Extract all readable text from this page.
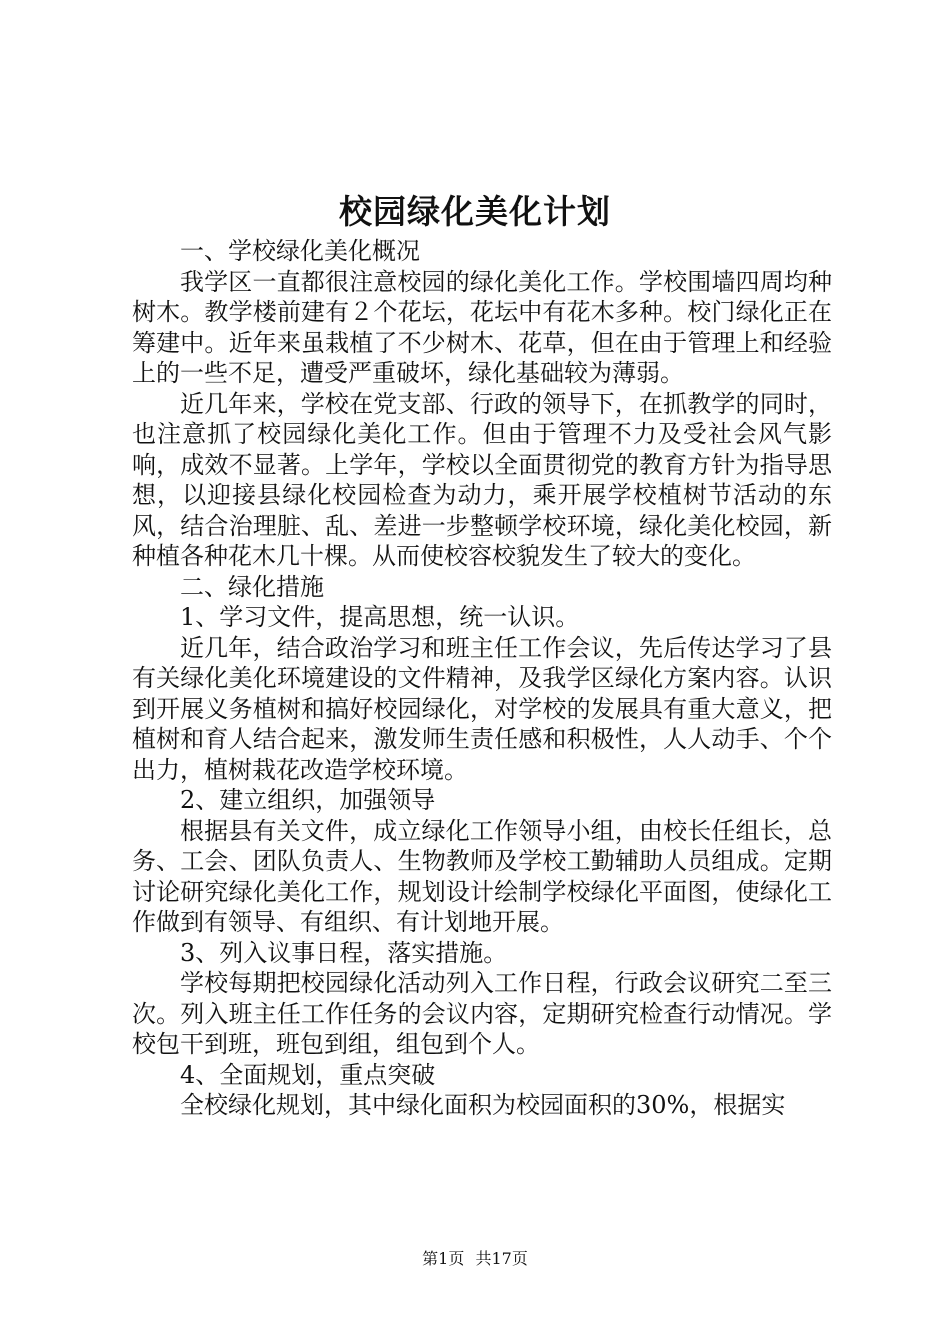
校园绿化美化计划

一、学校绿化美化概况

我学区一直都很注意校园的绿化美化工作。学校围墙四周均种树木。教学楼前建有２个花坛，花坛中有花木多种。校门绿化正在筹建中。近年来虽栽植了不少树木、花草，但在由于管理上和经验上的一些不足，遭受严重破坏，绿化基础较为薄弱。

近几年来，学校在党支部、行政的领导下，在抓教学的同时，也注意抓了校园绿化美化工作。但由于管理不力及受社会风气影响，成效不显著。上学年，学校以全面贯彻党的教育方针为指导思想，以迎接县绿化校园检查为动力，乘开展学校植树节活动的东风，结合治理脏、乱、差进一步整顿学校环境，绿化美化校园，新种植各种花木几十棵。从而使校容校貌发生了较大的变化。

二、绿化措施

1、学习文件，提高思想，统一认识。

近几年，结合政治学习和班主任工作会议，先后传达学习了县有关绿化美化环境建设的文件精神，及我学区绿化方案内容。认识到开展义务植树和搞好校园绿化，对学校的发展具有重大意义，把植树和育人结合起来，激发师生责任感和积极性，人人动手、个个出力，植树栽花改造学校环境。

2、建立组织，加强领导

根据县有关文件，成立绿化工作领导小组，由校长任组长，总务、工会、团队负责人、生物教师及学校工勤辅助人员组成。定期讨论研究绿化美化工作，规划设计绘制学校绿化平面图，使绿化工作做到有领导、有组织、有计划地开展。

3、列入议事日程，落实措施。

学校每期把校园绿化活动列入工作日程，行政会议研究二至三次。列入班主任工作任务的会议内容，定期研究检查行动情况。学校包干到班，班包到组，组包到个人。

4、全面规划，重点突破

全校绿化规划，其中绿化面积为校园面积的30%，根据实

第1页 共17页
